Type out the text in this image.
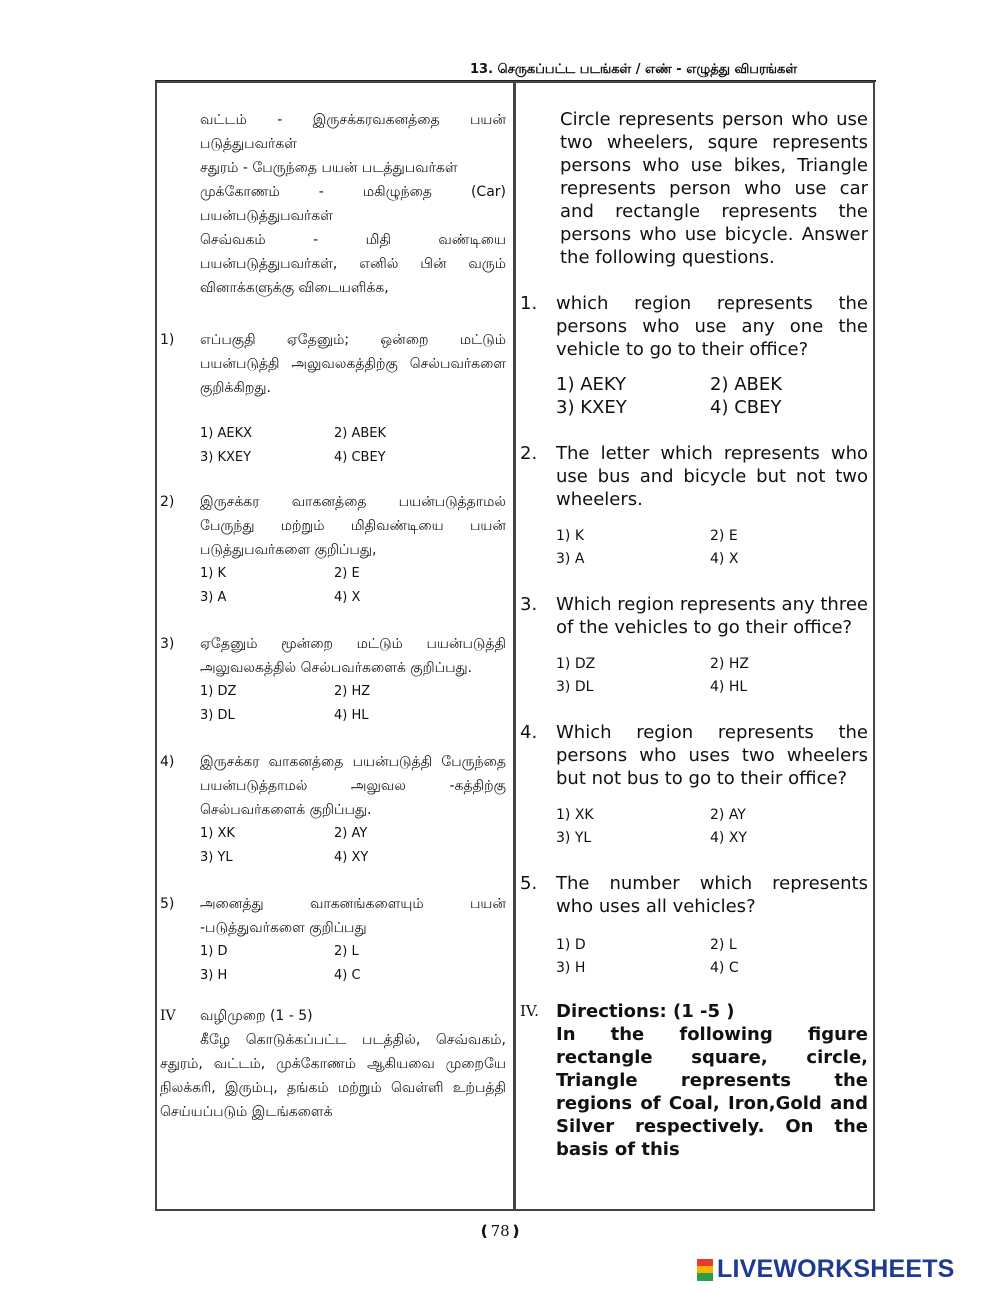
13. செருகப்பட்ட படங்கள் / எண் - எழுத்து விபரங்கள்
வட்டம் - இருசக்கரவகனத்தை பயன் படுத்துபவர்கள்
சதுரம் - பேருந்தை பயன் படத்துபவர்கள்
முக்கோணம் - மகிழுந்தை (Car) பயன்படுத்துபவர்கள்
செவ்வகம் - மிதி வண்டியை பயன்படுத்துபவர்கள், எனில் பின் வரும் வினாக்களுக்கு விடையளிக்க,
1)	எப்பகுதி ஏதேனும்; ஒன்றை மட்டும் பயன்படுத்தி அலுவலகத்திற்கு செல்பவர்களை குறிக்கிறது.
1) AEKX	2) ABEK
3) KXEY	4) CBEY
2)	இருசக்கர வாகனத்தை பயன்படுத்தாமல் பேருந்து மற்றும் மிதிவண்டியை பயன் படுத்துபவர்களை குறிப்பது,
1) K	2) E
3) A	4) X
3)	ஏதேனும் மூன்றை மட்டும் பயன்படுத்தி அலுவலகத்தில் செல்பவர்களைக் குறிப்பது.
1) DZ	2) HZ
3) DL	4) HL
4)	இருசக்கர வாகனத்தை பயன்படுத்தி பேருந்தை பயன்படுத்தாமல் அலுவல -கத்திற்கு செல்பவர்களைக் குறிப்பது.
1) XK	2) AY
3) YL	4) XY
5)	அனைத்து வாகனங்களையும் பயன் -படுத்துவர்களை குறிப்பது
1) D	2) L
3) H	4) C
IV	வழிமுறை (1 - 5)
கீழே கொடுக்கப்பட்ட படத்தில், செவ்வகம், சதுரம், வட்டம், முக்கோணம் ஆகியவை முறையே நிலக்கரி, இரும்பு, தங்கம் மற்றும் வெள்ளி உற்பத்தி செய்யப்படும் இடங்களைக்
Circle represents person who use two wheelers, squre represents persons who use bikes, Triangle represents person who use car and rectangle represents the persons who use bicycle. Answer the following questions.
1.	which region represents the persons who use any one the vehicle to go to their office?
1) AEKY	2) ABEK
3) KXEY	4) CBEY
2.	The letter which represents who use bus and bicycle but not two wheelers.
1) K	2) E
3) A	4) X
3.	Which region represents any three of the vehicles to go their office?
1) DZ	2) HZ
3) DL	4) HL
4.	Which region represents the persons who uses two wheelers but not bus to go to their office?
1) XK	2) AY
3) YL	4) XY
5.	The number which represents who uses all vehicles?
1) D	2) L
3) H	4) C
IV. Directions: (1 -5 )
In the following figure rectangle square, circle, Triangle represents the regions of Coal, Iron,Gold and Silver respectively. On the basis of this
❪78❫
LIVEWORKSHEETS
